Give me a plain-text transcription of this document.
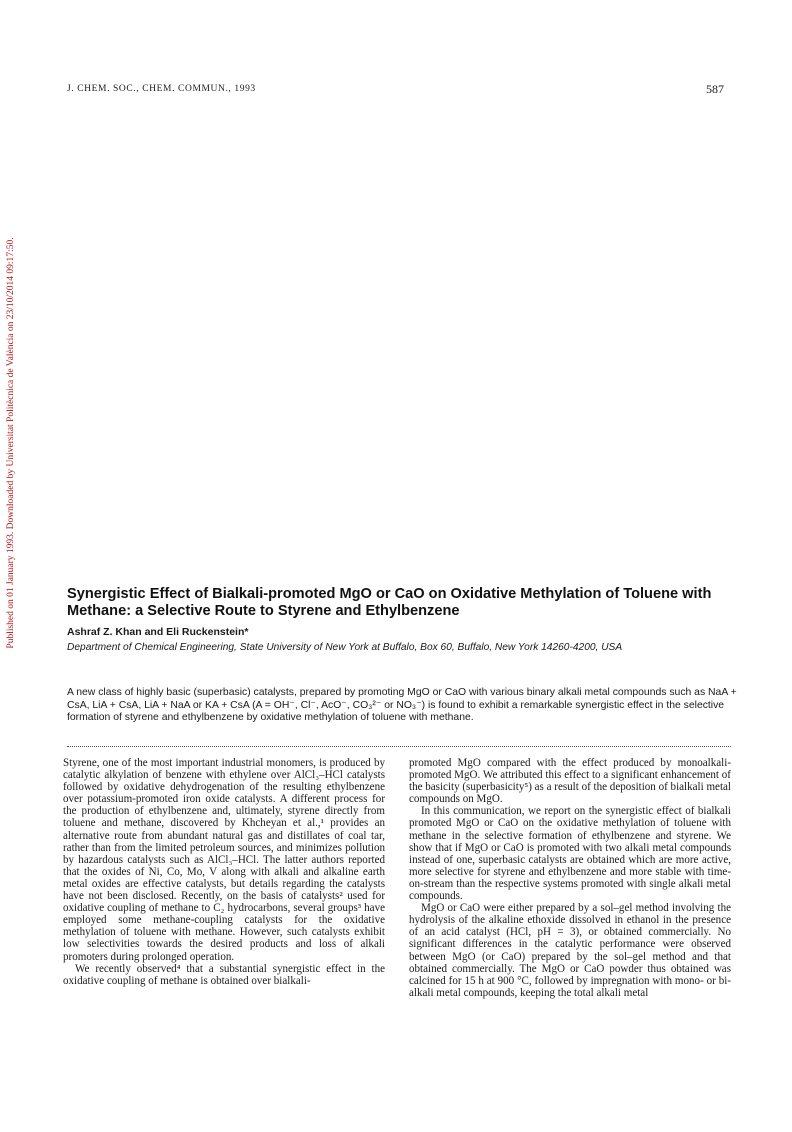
J. CHEM. SOC., CHEM. COMMUN., 1993	587
Published on 01 January 1993. Downloaded by Universitat Politècnica de València on 23/10/2014 09:17:50.	Synergistic Effect of Bialkali-promoted MgO or CaO on Oxidative Methylation of Toluene with Methane: a Selective Route to Styrene and Ethylbenzene
Ashraf Z. Khan and Eli Ruckenstein*
Department of Chemical Engineering, State University of New York at Buffalo, Box 60, Buffalo, New York 14260-4200, USA
A new class of highly basic (superbasic) catalysts, prepared by promoting MgO or CaO with various binary alkali metal compounds such as NaA + CsA, LiA + CsA, LiA + NaA or KA + CsA (A = OH⁻, Cl⁻, AcO⁻, CO₃²⁻ or NO₃⁻) is found to exhibit a remarkable synergistic effect in the selective formation of styrene and ethylbenzene by oxidative methylation of toluene with methane.

Styrene, one of the most important industrial monomers, is produced by catalytic alkylation of benzene with ethylene over AlCl₃–HCl catalysts followed by oxidative dehydrogenation of the resulting ethylbenzene over potassium-promoted iron oxide catalysts. A different process for the production of ethylbenzene and, ultimately, styrene directly from toluene and methane, discovered by Khcheyan et al.,¹ provides an alternative route from abundant natural gas and distillates of coal tar, rather than from the limited petroleum sources, and minimizes pollution by hazardous catalysts such as AlCl₃–HCl. The latter authors reported that the oxides of Ni, Co, Mo, V along with alkali and alkaline earth metal oxides are effective catalysts, but details regarding the catalysts have not been disclosed. Recently, on the basis of catalysts² used for oxidative coupling of methane to C₂ hydrocarbons, several groups³ have employed some methane-coupling catalysts for the oxidative methylation of toluene with methane. However, such catalysts exhibit low selectivities towards the desired products and loss of alkali promoters during prolonged operation.

We recently observed⁴ that a substantial synergistic effect in the oxidative coupling of methane is obtained over bialkali-

promoted MgO compared with the effect produced by monoalkali-promoted MgO. We attributed this effect to a significant enhancement of the basicity (superbasicity⁵) as a result of the deposition of bialkali metal compounds on MgO.

In this communication, we report on the synergistic effect of bialkali promoted MgO or CaO on the oxidative methylation of toluene with methane in the selective formation of ethylbenzene and styrene. We show that if MgO or CaO is promoted with two alkali metal compounds instead of one, superbasic catalysts are obtained which are more active, more selective for styrene and ethylbenzene and more stable with time-on-stream than the respective systems promoted with single alkali metal compounds.

MgO or CaO were either prepared by a sol–gel method involving the hydrolysis of the alkaline ethoxide dissolved in ethanol in the presence of an acid catalyst (HCl, pH = 3), or obtained commercially. No significant differences in the catalytic performance were observed between MgO (or CaO) prepared by the sol–gel method and that obtained commercially. The MgO or CaO powder thus obtained was calcined for 15 h at 900 °C, followed by impregnation with mono- or bi-alkali metal compounds, keeping the total alkali metal
